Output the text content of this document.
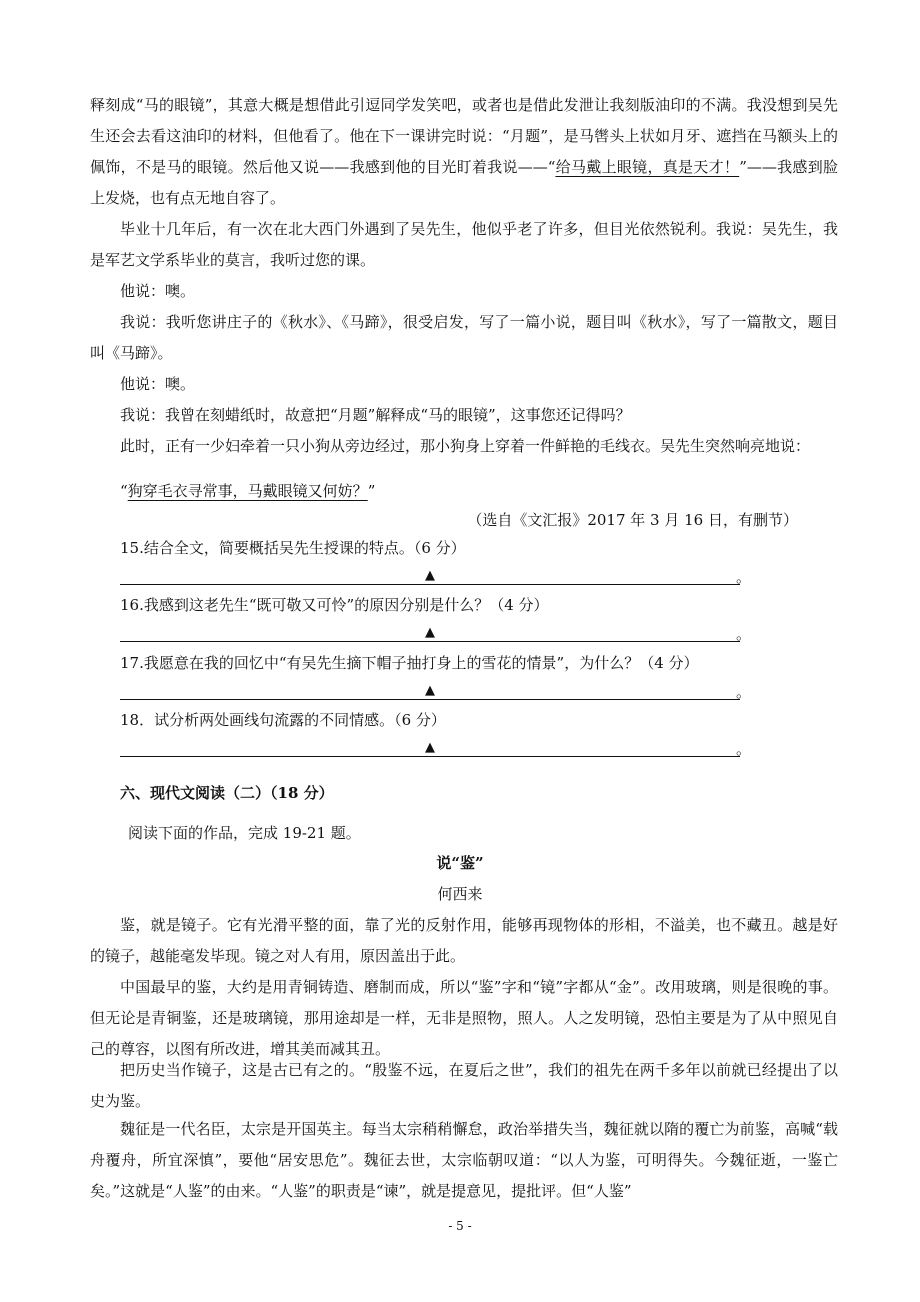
释刻成“马的眼镜”，其意大概是想借此引逗同学发笑吧，或者也是借此发泄让我刻版油印的不满。我没想到吴先生还会去看这油印的材料，但他看了。他在下一课讲完时说：“月题”，是马辔头上状如月牙、遮挡在马额头上的佩饰，不是马的眼镜。然后他又说——我感到他的目光盯着我说——“给马戴上眼镜，真是天才！”——我感到脸上发烧，也有点无地自容了。

毕业十几年后，有一次在北大西门外遇到了吴先生，他似乎老了许多，但目光依然锐利。我说：吴先生，我是军艺文学系毕业的莫言，我听过您的课。

他说：噢。

我说：我听您讲庄子的《秋水》、《马蹄》，很受启发，写了一篇小说，题目叫《秋水》，写了一篇散文，题目叫《马蹄》。

他说：噢。

我说：我曾在刻蜡纸时，故意把“月题”解释成“马的眼镜”，这事您还记得吗？

此时，正有一少妇牵着一只小狗从旁边经过，那小狗身上穿着一件鲜艳的毛线衣。吴先生突然响亮地说：

“狗穿毛衣寻常事，马戴眼镜又何妨？”

（选自《文汇报》2017 年 3 月 16 日，有删节）

15.结合全文，简要概括吴先生授课的特点。（6 分）

▲	。

16.我感到这老先生“既可敬又可怜”的原因分别是什么？（4 分）

▲	。

17.我愿意在我的回忆中“有吴先生摘下帽子抽打身上的雪花的情景”，为什么？（4 分）

▲	。

18．试分析两处画线句流露的不同情感。（6 分）

▲	。

六、现代文阅读（二）（18 分）

阅读下面的作品，完成 19-21 题。

说“鉴”

何西来

鉴，就是镜子。它有光滑平整的面，靠了光的反射作用，能够再现物体的形相，不溢美，也不藏丑。越是好的镜子，越能毫发毕现。镜之对人有用，原因盖出于此。

中国最早的鉴，大约是用青铜铸造、磨制而成，所以“鉴”字和“镜”字都从“金”。改用玻璃，则是很晚的事。但无论是青铜鉴，还是玻璃镜，那用途却是一样，无非是照物，照人。人之发明镜，恐怕主要是为了从中照见自己的尊容，以图有所改进，增其美而减其丑。

把历史当作镜子，这是古已有之的。“殷鉴不远，在夏后之世”，我们的祖先在两千多年以前就已经提出了以史为鉴。

魏征是一代名臣，太宗是开国英主。每当太宗稍稍懈怠，政治举措失当，魏征就以隋的覆亡为前鉴，高喊“载舟覆舟，所宜深慎”，要他“居安思危”。魏征去世，太宗临朝叹道：“以人为鉴，可明得失。今魏征逝，一鉴亡矣。”这就是“人鉴”的由来。“人鉴”的职责是“谏”，就是提意见，提批评。但“人鉴”

- 5 -
